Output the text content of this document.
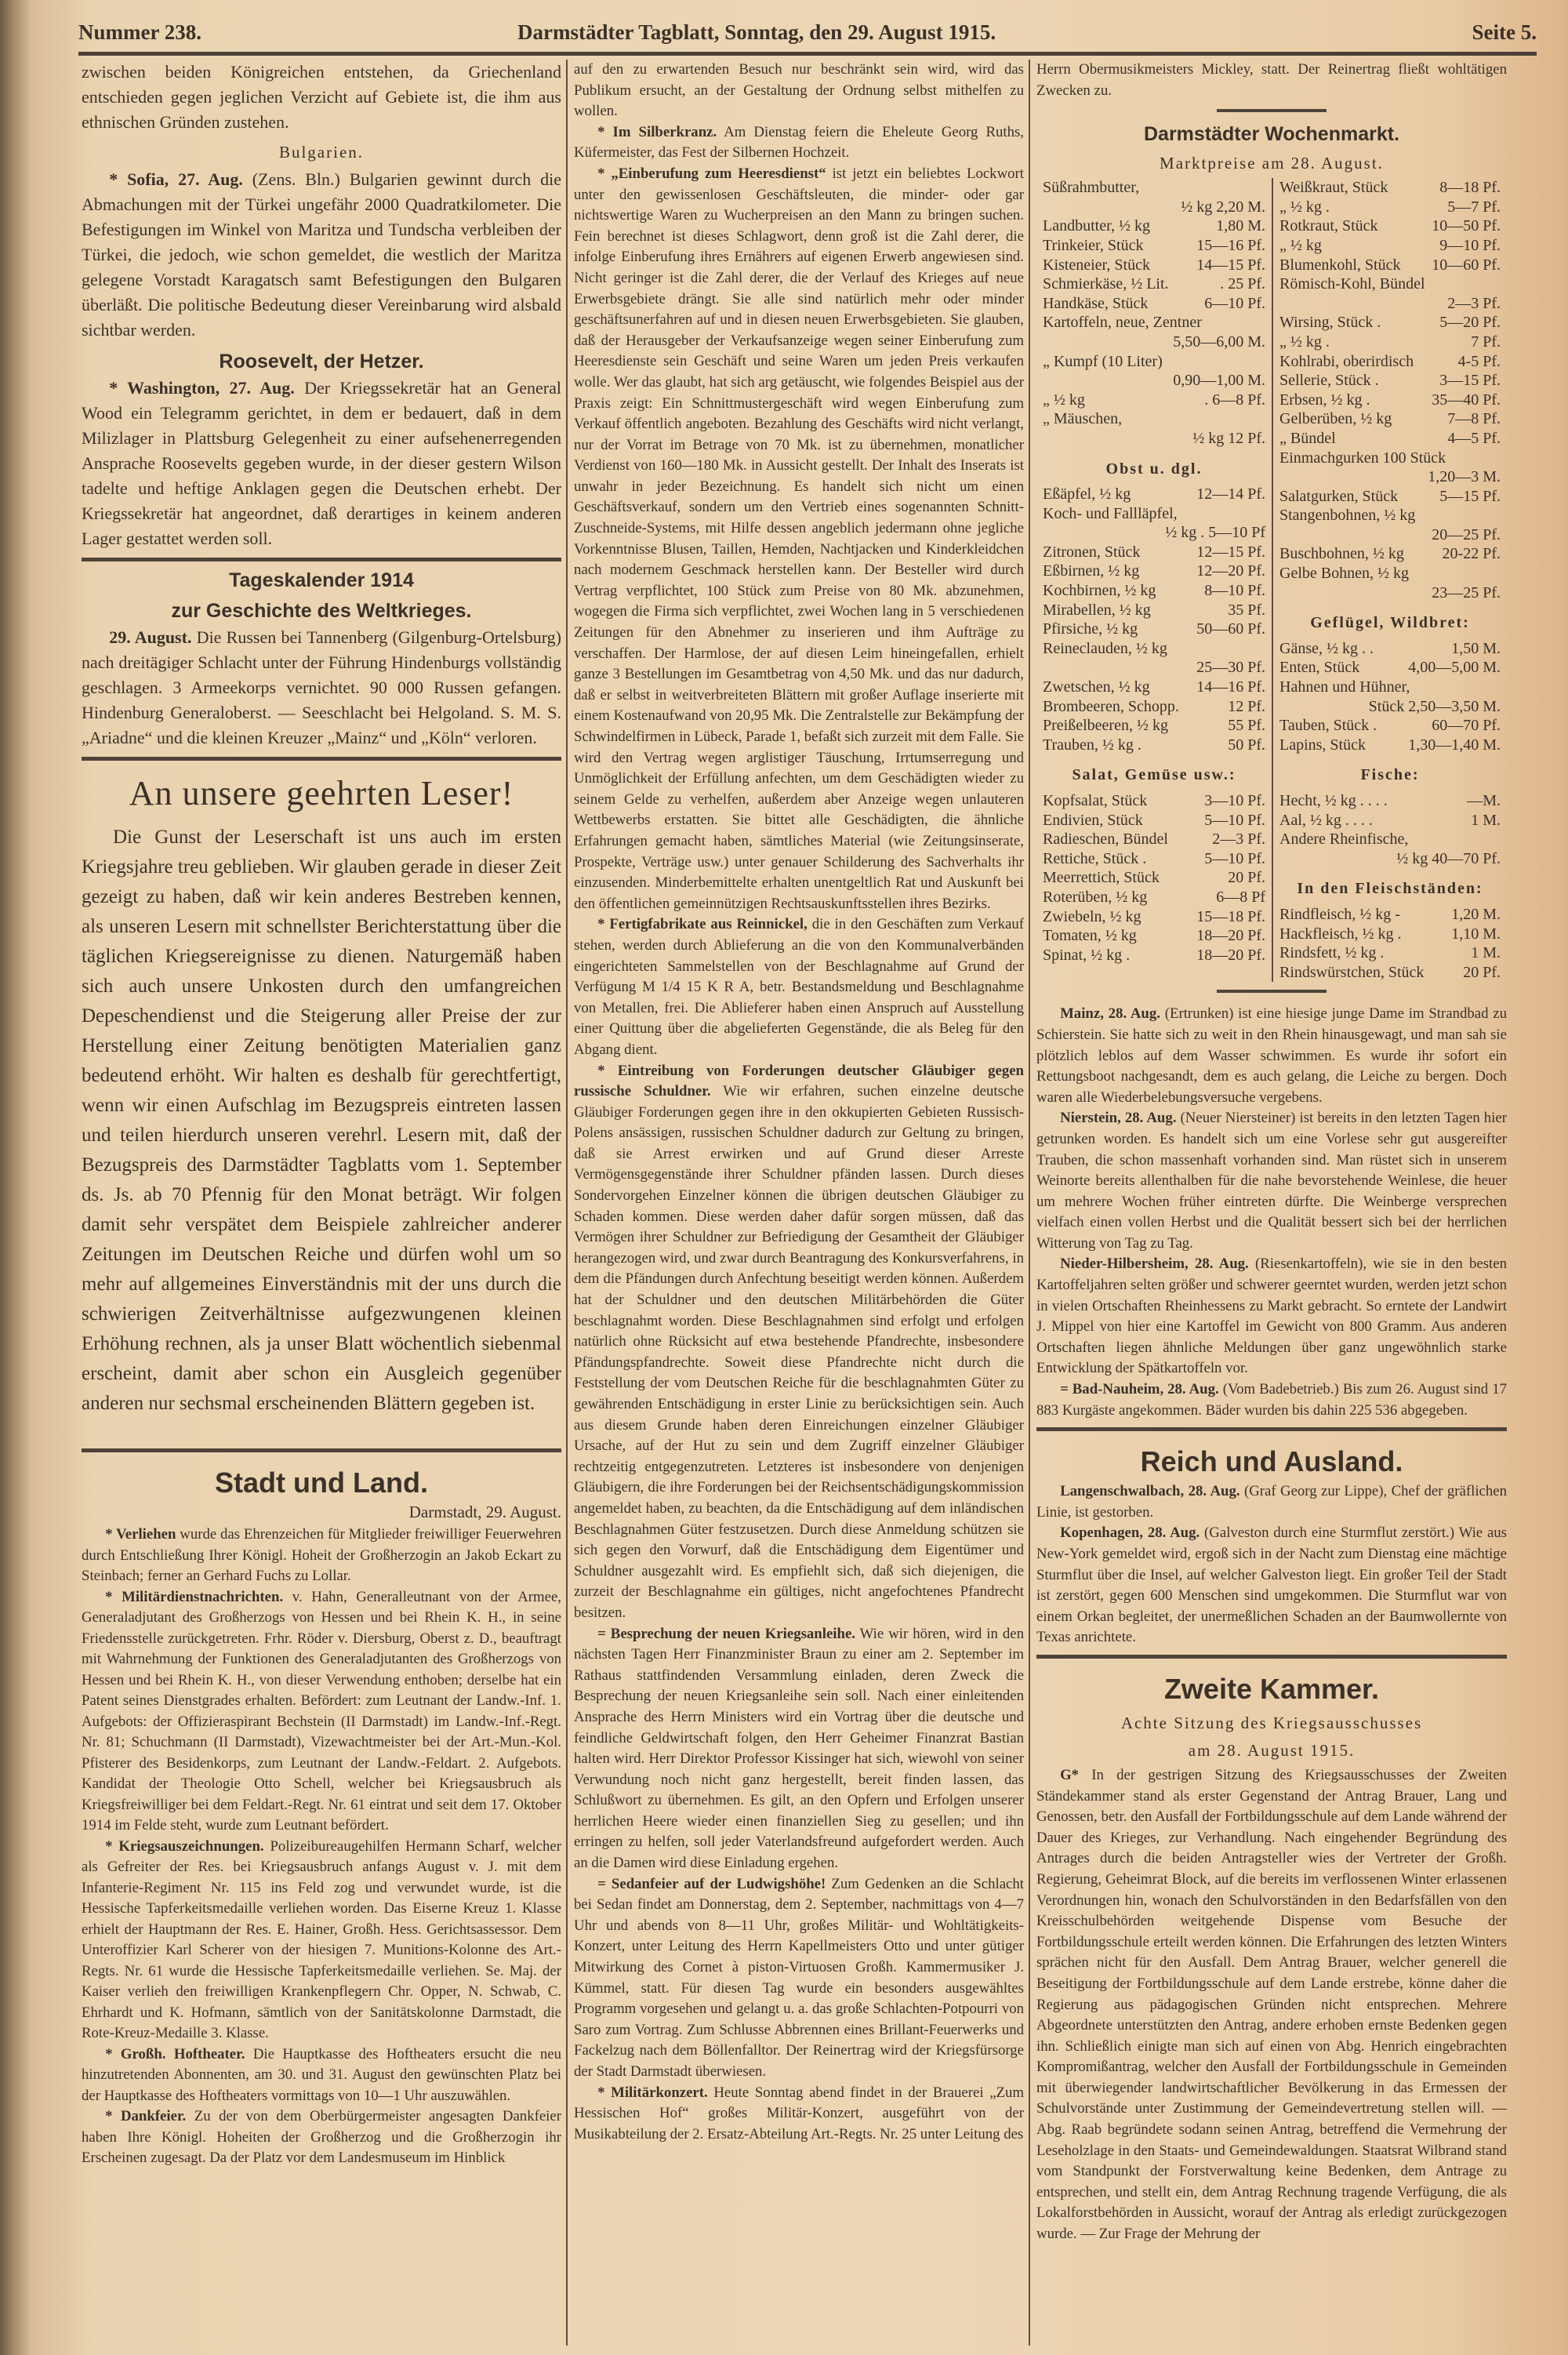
Nummer 238.	Darmstädter Tagblatt, Sonntag, den 29. August 1915.	Seite 5.

zwischen beiden Königreichen entstehen, da Griechenland entschieden gegen jeglichen Verzicht auf Gebiete ist, die ihm aus ethnischen Gründen zustehen.

Bulgarien.

* Sofia, 27. Aug. (Zens. Bln.) Bulgarien gewinnt durch die Abmachungen mit der Türkei ungefähr 2000 Quadratkilometer. Die Befestigungen im Winkel von Maritza und Tundscha verbleiben der Türkei, die jedoch, wie schon gemeldet, die westlich der Maritza gelegene Vorstadt Karagatsch samt Befestigungen den Bulgaren überläßt. Die politische Bedeutung dieser Vereinbarung wird alsbald sichtbar werden.

Roosevelt, der Hetzer.

* Washington, 27. Aug. Der Kriegssekretär hat an General Wood ein Telegramm gerichtet, in dem er bedauert, daß in dem Milizlager in Plattsburg Gelegenheit zu einer aufsehenerregenden Ansprache Roosevelts gegeben wurde, in der dieser gestern Wilson tadelte und heftige Anklagen gegen die Deutschen erhebt. Der Kriegssekretär hat angeordnet, daß derartiges in keinem anderen Lager gestattet werden soll.

Tageskalender 1914
zur Geschichte des Weltkrieges.

29. August. Die Russen bei Tannenberg (Gilgenburg-Ortelsburg) nach dreitägiger Schlacht unter der Führung Hindenburgs vollständig geschlagen. 3 Armeekorps vernichtet. 90 000 Russen gefangen. Hindenburg Generaloberst. — Seeschlacht bei Helgoland. S. M. S. „Ariadne“ und die kleinen Kreuzer „Mainz“ und „Köln“ verloren.

An unsere geehrten Leser!

Die Gunst der Leserschaft ist uns auch im ersten Kriegsjahre treu geblieben. Wir glauben gerade in dieser Zeit gezeigt zu haben, daß wir kein anderes Bestreben kennen, als unseren Lesern mit schnellster Berichterstattung über die täglichen Kriegsereignisse zu dienen. Naturgemäß haben sich auch unsere Unkosten durch den umfangreichen Depeschendienst und die Steigerung aller Preise der zur Herstellung einer Zeitung benötigten Materialien ganz bedeutend erhöht. Wir halten es deshalb für gerechtfertigt, wenn wir einen Aufschlag im Bezugspreis eintreten lassen und teilen hierdurch unseren verehrl. Lesern mit, daß der Bezugspreis des Darmstädter Tagblatts vom 1. September ds. Js. ab 70 Pfennig für den Monat beträgt. Wir folgen damit sehr verspätet dem Beispiele zahlreicher anderer Zeitungen im Deutschen Reiche und dürfen wohl um so mehr auf allgemeines Einverständnis mit der uns durch die schwierigen Zeitverhältnisse aufgezwungenen kleinen Erhöhung rechnen, als ja unser Blatt wöchentlich siebenmal erscheint, damit aber schon ein Ausgleich gegenüber anderen nur sechsmal erscheinenden Blättern gegeben ist.

Stadt und Land.
Darmstadt, 29. August.

* Verliehen wurde das Ehrenzeichen für Mitglieder freiwilliger Feuerwehren durch Entschließung Ihrer Königl. Hoheit der Großherzogin an Jakob Eckart zu Steinbach; ferner an Gerhard Fuchs zu Lollar.

* Militärdienstnachrichten. v. Hahn, Generalleutnant von der Armee, Generaladjutant des Großherzogs von Hessen und bei Rhein K. H., in seine Friedensstelle zurückgetreten. Frhr. Röder v. Diersburg, Oberst z. D., beauftragt mit Wahrnehmung der Funktionen des Generaladjutanten des Großherzogs von Hessen und bei Rhein K. H., von dieser Verwendung enthoben; derselbe hat ein Patent seines Dienstgrades erhalten. Befördert: zum Leutnant der Landw.-Inf. 1. Aufgebots: der Offizieraspirant Bechstein (II Darmstadt) im Landw.-Inf.-Regt. Nr. 81; Schuchmann (II Darmstadt), Vizewachtmeister bei der Art.-Mun.-Kol. Pfisterer des Besidenkorps, zum Leutnant der Landw.-Feldart. 2. Aufgebots. Kandidat der Theologie Otto Schell, welcher bei Kriegsausbruch als Kriegsfreiwilliger bei dem Feldart.-Regt. Nr. 61 eintrat und seit dem 17. Oktober 1914 im Felde steht, wurde zum Leutnant befördert.

* Kriegsauszeichnungen. Polizeibureaugehilfen Hermann Scharf, welcher als Gefreiter der Res. bei Kriegsausbruch anfangs August v. J. mit dem Infanterie-Regiment Nr. 115 ins Feld zog und verwundet wurde, ist die Hessische Tapferkeitsmedaille verliehen worden. Das Eiserne Kreuz 1. Klasse erhielt der Hauptmann der Res. E. Hainer, Großh. Hess. Gerichtsassessor. Dem Unteroffizier Karl Scherer von der hiesigen 7. Munitions-Kolonne des Art.-Regts. Nr. 61 wurde die Hessische Tapferkeitsmedaille verliehen. Se. Maj. der Kaiser verlieh den freiwilligen Krankenpflegern Chr. Opper, N. Schwab, C. Ehrhardt und K. Hofmann, sämtlich von der Sanitätskolonne Darmstadt, die Rote-Kreuz-Medaille 3. Klasse.

* Großh. Hoftheater. Die Hauptkasse des Hoftheaters ersucht die neu hinzutretenden Abonnenten, am 30. und 31. August den gewünschten Platz bei der Hauptkasse des Hoftheaters vormittags von 10—1 Uhr auszuwählen.

* Dankfeier. Zu der von dem Oberbürgermeister angesagten Dankfeier haben Ihre Königl. Hoheiten der Großherzog und die Großherzogin ihr Erscheinen zugesagt. Da der Platz vor dem Landesmuseum im Hinblick

auf den zu erwartenden Besuch nur beschränkt sein wird, wird das Publikum ersucht, an der Gestaltung der Ordnung selbst mithelfen zu wollen.

* Im Silberkranz. Am Dienstag feiern die Eheleute Georg Ruths, Küfermeister, das Fest der Silbernen Hochzeit.

* „Einberufung zum Heeresdienst“ ist jetzt ein beliebtes Lockwort unter den gewissenlosen Geschäftsleuten, die minder- oder gar nichtswertige Waren zu Wucherpreisen an den Mann zu bringen suchen. Fein berechnet ist dieses Schlagwort, denn groß ist die Zahl derer, die infolge Einberufung ihres Ernährers auf eigenen Erwerb angewiesen sind. Nicht geringer ist die Zahl derer, die der Verlauf des Krieges auf neue Erwerbsgebiete drängt. Sie alle sind natürlich mehr oder minder geschäftsunerfahren auf und in diesen neuen Erwerbsgebieten. Sie glauben, daß der Herausgeber der Verkaufsanzeige wegen seiner Einberufung zum Heeresdienste sein Geschäft und seine Waren um jeden Preis verkaufen wolle. Wer das glaubt, hat sich arg getäuscht, wie folgendes Beispiel aus der Praxis zeigt: Ein Schnittmustergeschäft wird wegen Einberufung zum Verkauf öffentlich angeboten. Bezahlung des Geschäfts wird nicht verlangt, nur der Vorrat im Betrage von 70 Mk. ist zu übernehmen, monatlicher Verdienst von 160—180 Mk. in Aussicht gestellt. Der Inhalt des Inserats ist unwahr in jeder Bezeichnung. Es handelt sich nicht um einen Geschäftsverkauf, sondern um den Vertrieb eines sogenannten Schnitt-Zuschneide-Systems, mit Hilfe dessen angeblich jedermann ohne jegliche Vorkenntnisse Blusen, Taillen, Hemden, Nachtjacken und Kinderkleidchen nach modernem Geschmack herstellen kann. Der Besteller wird durch Vertrag verpflichtet, 100 Stück zum Preise von 80 Mk. abzunehmen, wogegen die Firma sich verpflichtet, zwei Wochen lang in 5 verschiedenen Zeitungen für den Abnehmer zu inserieren und ihm Aufträge zu verschaffen. Der Harmlose, der auf diesen Leim hineingefallen, erhielt ganze 3 Bestellungen im Gesamtbetrag von 4,50 Mk. und das nur dadurch, daß er selbst in weitverbreiteten Blättern mit großer Auflage inserierte mit einem Kostenaufwand von 20,95 Mk. Die Zentralstelle zur Bekämpfung der Schwindelfirmen in Lübeck, Parade 1, befaßt sich zurzeit mit dem Falle. Sie wird den Vertrag wegen arglistiger Täuschung, Irrtumserregung und Unmöglichkeit der Erfüllung anfechten, um dem Geschädigten wieder zu seinem Gelde zu verhelfen, außerdem aber Anzeige wegen unlauteren Wettbewerbs erstatten. Sie bittet alle Geschädigten, die ähnliche Erfahrungen gemacht haben, sämtliches Material (wie Zeitungsinserate, Prospekte, Verträge usw.) unter genauer Schilderung des Sachverhalts ihr einzusenden. Minderbemittelte erhalten unentgeltlich Rat und Auskunft bei den öffentlichen gemeinnützigen Rechtsauskunftsstellen ihres Bezirks.

* Fertigfabrikate aus Reinnickel, die in den Geschäften zum Verkauf stehen, werden durch Ablieferung an die von den Kommunalverbänden eingerichteten Sammelstellen von der Beschlagnahme auf Grund der Verfügung M 1/4 15 K R A, betr. Bestandsmeldung und Beschlagnahme von Metallen, frei. Die Ablieferer haben einen Anspruch auf Ausstellung einer Quittung über die abgelieferten Gegenstände, die als Beleg für den Abgang dient.

* Eintreibung von Forderungen deutscher Gläubiger gegen russische Schuldner. Wie wir erfahren, suchen einzelne deutsche Gläubiger Forderungen gegen ihre in den okkupierten Gebieten Russisch-Polens ansässigen, russischen Schuldner dadurch zur Geltung zu bringen, daß sie Arrest erwirken und auf Grund dieser Arreste Vermögensgegenstände ihrer Schuldner pfänden lassen. Durch dieses Sondervorgehen Einzelner können die übrigen deutschen Gläubiger zu Schaden kommen. Diese werden daher dafür sorgen müssen, daß das Vermögen ihrer Schuldner zur Befriedigung der Gesamtheit der Gläubiger herangezogen wird, und zwar durch Beantragung des Konkursverfahrens, in dem die Pfändungen durch Anfechtung beseitigt werden können. Außerdem hat der Schuldner und den deutschen Militärbehörden die Güter beschlagnahmt worden. Diese Beschlagnahmen sind erfolgt und erfolgen natürlich ohne Rücksicht auf etwa bestehende Pfandrechte, insbesondere Pfändungspfandrechte. Soweit diese Pfandrechte nicht durch die Feststellung der vom Deutschen Reiche für die beschlagnahmten Güter zu gewährenden Entschädigung in erster Linie zu berücksichtigen sein. Auch aus diesem Grunde haben deren Einreichungen einzelner Gläubiger Ursache, auf der Hut zu sein und dem Zugriff einzelner Gläubiger rechtzeitig entgegenzutreten. Letzteres ist insbesondere von denjenigen Gläubigern, die ihre Forderungen bei der Reichsentschädigungskommission angemeldet haben, zu beachten, da die Entschädigung auf dem inländischen Beschlagnahmen Güter festzusetzen. Durch diese Anmeldung schützen sie sich gegen den Vorwurf, daß die Entschädigung dem Eigentümer und Schuldner ausgezahlt wird. Es empfiehlt sich, daß sich diejenigen, die zurzeit der Beschlagnahme ein gültiges, nicht angefochtenes Pfandrecht besitzen.

= Besprechung der neuen Kriegsanleihe. Wie wir hören, wird in den nächsten Tagen Herr Finanzminister Braun zu einer am 2. September im Rathaus stattfindenden Versammlung einladen, deren Zweck die Besprechung der neuen Kriegsanleihe sein soll. Nach einer einleitenden Ansprache des Herrn Ministers wird ein Vortrag über die deutsche und feindliche Geldwirtschaft folgen, den Herr Geheimer Finanzrat Bastian halten wird. Herr Direktor Professor Kissinger hat sich, wiewohl von seiner Verwundung noch nicht ganz hergestellt, bereit finden lassen, das Schlußwort zu übernehmen. Es gilt, an den Opfern und Erfolgen unserer herrlichen Heere wieder einen finanziellen Sieg zu gesellen; und ihn erringen zu helfen, soll jeder Vaterlandsfreund aufgefordert werden. Auch an die Damen wird diese Einladung ergehen.

= Sedanfeier auf der Ludwigshöhe! Zum Gedenken an die Schlacht bei Sedan findet am Donnerstag, dem 2. September, nachmittags von 4—7 Uhr und abends von 8—11 Uhr, großes Militär- und Wohltätigkeits-Konzert, unter Leitung des Herrn Kapellmeisters Otto und unter gütiger Mitwirkung des Cornet à piston-Virtuosen Großh. Kammermusiker J. Kümmel, statt. Für diesen Tag wurde ein besonders ausgewähltes Programm vorgesehen und gelangt u. a. das große Schlachten-Potpourri von Saro zum Vortrag. Zum Schlusse Abbrennen eines Brillant-Feuerwerks und Fackelzug nach dem Böllenfalltor. Der Reinertrag wird der Kriegsfürsorge der Stadt Darmstadt überwiesen.

* Militärkonzert. Heute Sonntag abend findet in der Brauerei „Zum Hessischen Hof“ großes Militär-Konzert, ausgeführt von der Musikabteilung der 2. Ersatz-Abteilung Art.-Regts. Nr. 25 unter Leitung des

Herrn Obermusikmeisters Mickley, statt. Der Reinertrag fließt wohltätigen Zwecken zu.

Darmstädter Wochenmarkt.
Marktpreise am 28. August.
Süßrahmbutter,
½ kg 2,20 M.
Landbutter, ½ kg	1,80 M.
Trinkeier, Stück	15—16 Pf.
Kisteneier, Stück	14—15 Pf.
Schmierkäse, ½ Lit.	. 25 Pf.
Handkäse, Stück	6—10 Pf.
Kartoffeln, neue, Zentner
5,50—6,00 M.
„ Kumpf (10 Liter)
0,90—1,00 M.
„ ½ kg	. 6—8 Pf.
„ Mäuschen,
½ kg 12 Pf.
Obst u. dgl.
Eßäpfel, ½ kg	12—14 Pf.
Koch- und Fallläpfel,
½ kg . 5—10 Pf
Zitronen, Stück	12—15 Pf.
Eßbirnen, ½ kg	12—20 Pf.
Kochbirnen, ½ kg	8—10 Pf.
Mirabellen, ½ kg	35 Pf.
Pfirsiche, ½ kg	50—60 Pf.
Reineclauden, ½ kg
25—30 Pf.
Zwetschen, ½ kg	14—16 Pf.
Brombeeren, Schopp.	12 Pf.
Preißelbeeren, ½ kg	55 Pf.
Trauben, ½ kg .	50 Pf.
Salat, Gemüse usw.:
Kopfsalat, Stück	3—10 Pf.
Endivien, Stück	5—10 Pf.
Radieschen, Bündel	2—3 Pf.
Rettiche, Stück .	5—10 Pf.
Meerrettich, Stück	20 Pf.
Roterüben, ½ kg	6—8 Pf
Zwiebeln, ½ kg	15—18 Pf.
Tomaten, ½ kg	18—20 Pf.
Spinat, ½ kg .	18—20 Pf.
Weißkraut, Stück	8—18 Pf.
„ ½ kg .	5—7 Pf.
Rotkraut, Stück	10—50 Pf.
„ ½ kg	9—10 Pf.
Blumenkohl, Stück 10—60 Pf.
Römisch-Kohl, Bündel
2—3 Pf.
Wirsing, Stück .	5—20 Pf.
„ ½ kg .	7 Pf.
Kohlrabi, oberirdisch	4-5 Pf.
Sellerie, Stück .	3—15 Pf.
Erbsen, ½ kg .	35—40 Pf.
Gelberüben, ½ kg	7—8 Pf.
„ Bündel	4—5 Pf.
Einmachgurken 100 Stück
1,20—3 M.
Salatgurken, Stück	5—15 Pf.
Stangenbohnen, ½ kg
20—25 Pf.
Buschbohnen, ½ kg 20-22 Pf.
Gelbe Bohnen, ½ kg
23—25 Pf.
Geflügel, Wildbret:
Gänse, ½ kg . .	1,50 M.
Enten, Stück	4,00—5,00 M.
Hahnen und Hühner,
Stück 2,50—3,50 M.
Tauben, Stück .	60—70 Pf.
Lapins, Stück	1,30—1,40 M.
Fische:
Hecht, ½ kg . . . .	—M.
Aal, ½ kg . . . .	1 M.
Andere Rheinfische,
½ kg 40—70 Pf.
In den Fleischständen:
Rindfleisch, ½ kg -	1,20 M.
Hackfleisch, ½ kg .	1,10 M.
Rindsfett, ½ kg .	1 M.
Rindswürstchen, Stück 20 Pf.

Mainz, 28. Aug. (Ertrunken) ist eine hiesige junge Dame im Strandbad zu Schierstein. Sie hatte sich zu weit in den Rhein hinausgewagt, und man sah sie plötzlich leblos auf dem Wasser schwimmen. Es wurde ihr sofort ein Rettungsboot nachgesandt, dem es auch gelang, die Leiche zu bergen. Doch waren alle Wiederbelebungsversuche vergebens.

Nierstein, 28. Aug. (Neuer Niersteiner) ist bereits in den letzten Tagen hier getrunken worden. Es handelt sich um eine Vorlese sehr gut ausgereifter Trauben, die schon massenhaft vorhanden sind. Man rüstet sich in unserem Weinorte bereits allenthalben für die nahe bevorstehende Weinlese, die heuer um mehrere Wochen früher eintreten dürfte. Die Weinberge versprechen vielfach einen vollen Herbst und die Qualität bessert sich bei der herrlichen Witterung von Tag zu Tag.

Nieder-Hilbersheim, 28. Aug. (Riesenkartoffeln), wie sie in den besten Kartoffeljahren selten größer und schwerer geerntet wurden, werden jetzt schon in vielen Ortschaften Rheinhessens zu Markt gebracht. So erntete der Landwirt J. Mippel von hier eine Kartoffel im Gewicht von 800 Gramm. Aus anderen Ortschaften liegen ähnliche Meldungen über ganz ungewöhnlich starke Entwicklung der Spätkartoffeln vor.

= Bad-Nauheim, 28. Aug. (Vom Badebetrieb.) Bis zum 26. August sind 17 883 Kurgäste angekommen. Bäder wurden bis dahin 225 536 abgegeben.

Reich und Ausland.

Langenschwalbach, 28. Aug. (Graf Georg zur Lippe), Chef der gräflichen Linie, ist gestorben.

Kopenhagen, 28. Aug. (Galveston durch eine Sturmflut zerstört.) Wie aus New-York gemeldet wird, ergoß sich in der Nacht zum Dienstag eine mächtige Sturmflut über die Insel, auf welcher Galveston liegt. Ein großer Teil der Stadt ist zerstört, gegen 600 Menschen sind umgekommen. Die Sturmflut war von einem Orkan begleitet, der unermeßlichen Schaden an der Baumwollernte von Texas anrichtete.

Zweite Kammer.
Achte Sitzung des Kriegsausschusses
am 28. August 1915.

G* In der gestrigen Sitzung des Kriegsausschusses der Zweiten Ständekammer stand als erster Gegenstand der Antrag Brauer, Lang und Genossen, betr. den Ausfall der Fortbildungsschule auf dem Lande während der Dauer des Krieges, zur Verhandlung. Nach eingehender Begründung des Antrages durch die beiden Antragsteller wies der Vertreter der Großh. Regierung, Geheimrat Block, auf die bereits im verflossenen Winter erlassenen Verordnungen hin, wonach den Schulvorständen in den Bedarfsfällen von den Kreisschulbehörden weitgehende Dispense vom Besuche der Fortbildungsschule erteilt werden können. Die Erfahrungen des letzten Winters sprächen nicht für den Ausfall. Dem Antrag Brauer, welcher generell die Beseitigung der Fortbildungsschule auf dem Lande erstrebe, könne daher die Regierung aus pädagogischen Gründen nicht entsprechen. Mehrere Abgeordnete unterstützten den Antrag, andere erhoben ernste Bedenken gegen ihn. Schließlich einigte man sich auf einen von Abg. Henrich eingebrachten Kompromißantrag, welcher den Ausfall der Fortbildungsschule in Gemeinden mit überwiegender landwirtschaftlicher Bevölkerung in das Ermessen der Schulvorstände unter Zustimmung der Gemeindevertretung stellen will. — Abg. Raab begründete sodann seinen Antrag, betreffend die Vermehrung der Leseholzlage in den Staats- und Gemeindewaldungen. Staatsrat Wilbrand stand vom Standpunkt der Forstverwaltung keine Bedenken, dem Antrage zu entsprechen, und stellt ein, dem Antrag Rechnung tragende Verfügung, die als Lokalforstbehörden in Aussicht, worauf der Antrag als erledigt zurückgezogen wurde. — Zur Frage der Mehrung der
